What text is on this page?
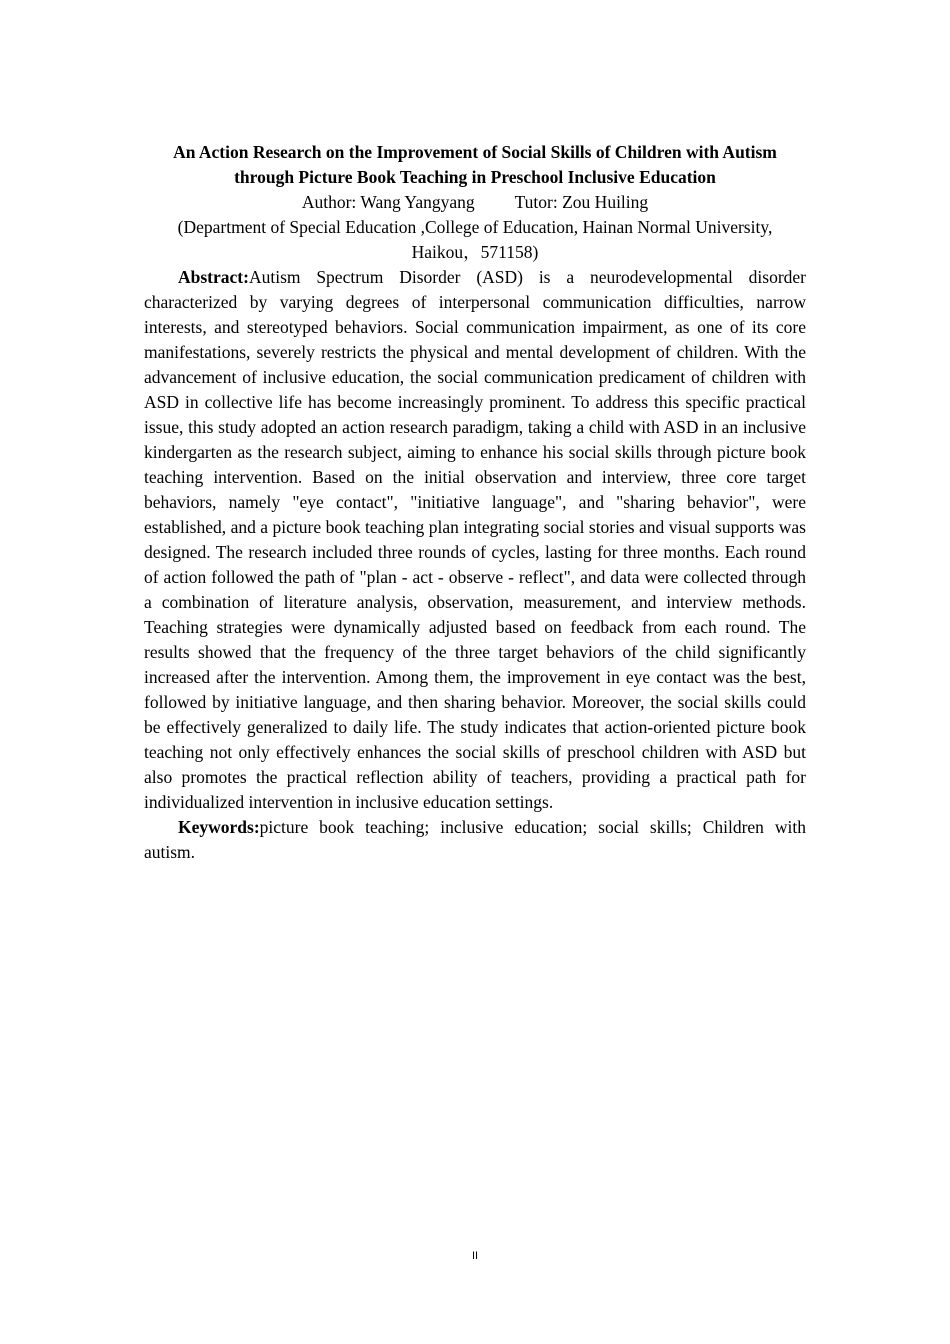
An Action Research on the Improvement of Social Skills of Children with Autism through Picture Book Teaching in Preschool Inclusive Education

Author: Wang Yangyang Tutor: Zou Huiling

(Department of Special Education ,College of Education, Hainan Normal University, Haikou，571158)

Abstract:Autism Spectrum Disorder (ASD) is a neurodevelopmental disorder characterized by varying degrees of interpersonal communication difficulties, narrow interests, and stereotyped behaviors. Social communication impairment, as one of its core manifestations, severely restricts the physical and mental development of children. With the advancement of inclusive education, the social communication predicament of children with ASD in collective life has become increasingly prominent. To address this specific practical issue, this study adopted an action research paradigm, taking a child with ASD in an inclusive kindergarten as the research subject, aiming to enhance his social skills through picture book teaching intervention. Based on the initial observation and interview, three core target behaviors, namely "eye contact", "initiative language", and "sharing behavior", were established, and a picture book teaching plan integrating social stories and visual supports was designed. The research included three rounds of cycles, lasting for three months. Each round of action followed the path of "plan - act - observe - reflect", and data were collected through a combination of literature analysis, observation, measurement, and interview methods. Teaching strategies were dynamically adjusted based on feedback from each round. The results showed that the frequency of the three target behaviors of the child significantly increased after the intervention. Among them, the improvement in eye contact was the best, followed by initiative language, and then sharing behavior. Moreover, the social skills could be effectively generalized to daily life. The study indicates that action-oriented picture book teaching not only effectively enhances the social skills of preschool children with ASD but also promotes the practical reflection ability of teachers, providing a practical path for individualized intervention in inclusive education settings.

Keywords:picture book teaching; inclusive education; social skills; Children with autism.

II
